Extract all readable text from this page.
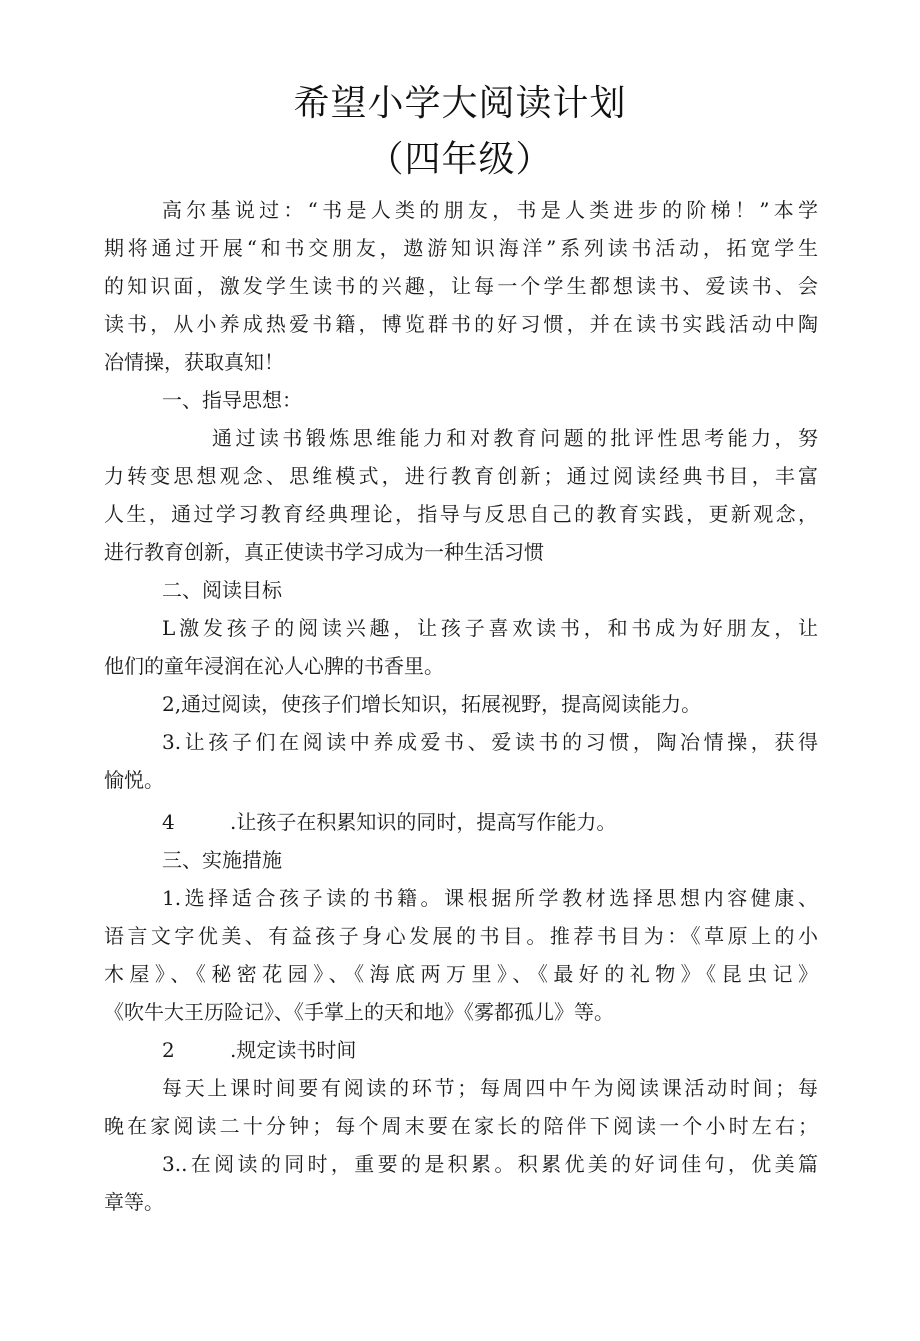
希望小学大阅读计划
（四年级）
高尔基说过：“书是人类的朋友，书是人类进步的阶梯！”本学
期将通过开展“和书交朋友，遨游知识海洋”系列读书活动，拓宽学生
的知识面，激发学生读书的兴趣，让每一个学生都想读书、爱读书、会
读书，从小养成热爱书籍，博览群书的好习惯，并在读书实践活动中陶
冶情操，获取真知！
一、指导思想：
通过读书锻炼思维能力和对教育问题的批评性思考能力，努
力转变思想观念、思维模式，进行教育创新；通过阅读经典书目，丰富
人生，通过学习教育经典理论，指导与反思自己的教育实践，更新观念，
进行教育创新，真正使读书学习成为一种生活习惯
二、阅读目标
L激发孩子的阅读兴趣，让孩子喜欢读书，和书成为好朋友，让
他们的童年浸润在沁人心脾的书香里。
2,通过阅读，使孩子们增长知识，拓展视野，提高阅读能力。
3.让孩子们在阅读中养成爱书、爱读书的习惯，陶冶情操，获得
愉悦。
4	.让孩子在积累知识的同时，提高写作能力。
三、实施措施
1.选择适合孩子读的书籍。课根据所学教材选择思想内容健康、
语言文字优美、有益孩子身心发展的书目。推荐书目为：《草原上的小
木屋》、《秘密花园》、《海底两万里》、《最好的礼物》《昆虫记》
《吹牛大王历险记》、《手掌上的天和地》《雾都孤儿》等。
2	.规定读书时间
每天上课时间要有阅读的环节；每周四中午为阅读课活动时间；每
晚在家阅读二十分钟；每个周末要在家长的陪伴下阅读一个小时左右；
3..在阅读的同时，重要的是积累。积累优美的好词佳句，优美篇
章等。
